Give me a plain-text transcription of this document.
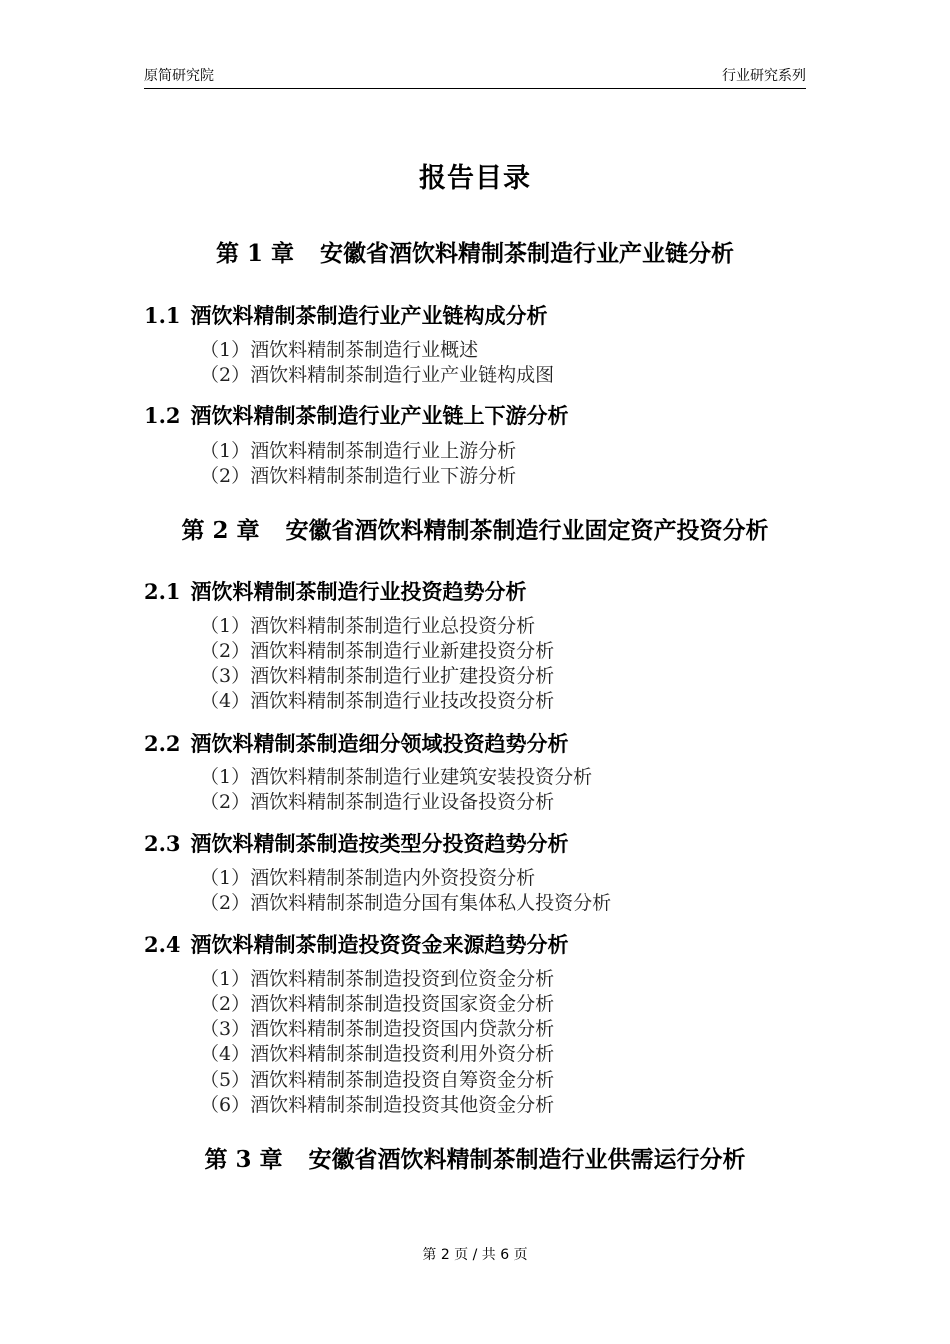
原简研究院	行业研究系列
报告目录
第 1 章 安徽省酒饮料精制茶制造行业产业链分析
1.1 酒饮料精制茶制造行业产业链构成分析
（1）酒饮料精制茶制造行业概述
（2）酒饮料精制茶制造行业产业链构成图
1.2 酒饮料精制茶制造行业产业链上下游分析
（1）酒饮料精制茶制造行业上游分析
（2）酒饮料精制茶制造行业下游分析
第 2 章 安徽省酒饮料精制茶制造行业固定资产投资分析
2.1 酒饮料精制茶制造行业投资趋势分析
（1）酒饮料精制茶制造行业总投资分析
（2）酒饮料精制茶制造行业新建投资分析
（3）酒饮料精制茶制造行业扩建投资分析
（4）酒饮料精制茶制造行业技改投资分析
2.2 酒饮料精制茶制造细分领域投资趋势分析
（1）酒饮料精制茶制造行业建筑安装投资分析
（2）酒饮料精制茶制造行业设备投资分析
2.3 酒饮料精制茶制造按类型分投资趋势分析
（1）酒饮料精制茶制造内外资投资分析
（2）酒饮料精制茶制造分国有集体私人投资分析
2.4 酒饮料精制茶制造投资资金来源趋势分析
（1）酒饮料精制茶制造投资到位资金分析
（2）酒饮料精制茶制造投资国家资金分析
（3）酒饮料精制茶制造投资国内贷款分析
（4）酒饮料精制茶制造投资利用外资分析
（5）酒饮料精制茶制造投资自筹资金分析
（6）酒饮料精制茶制造投资其他资金分析
第 3 章 安徽省酒饮料精制茶制造行业供需运行分析
第 2 页 / 共 6 页
